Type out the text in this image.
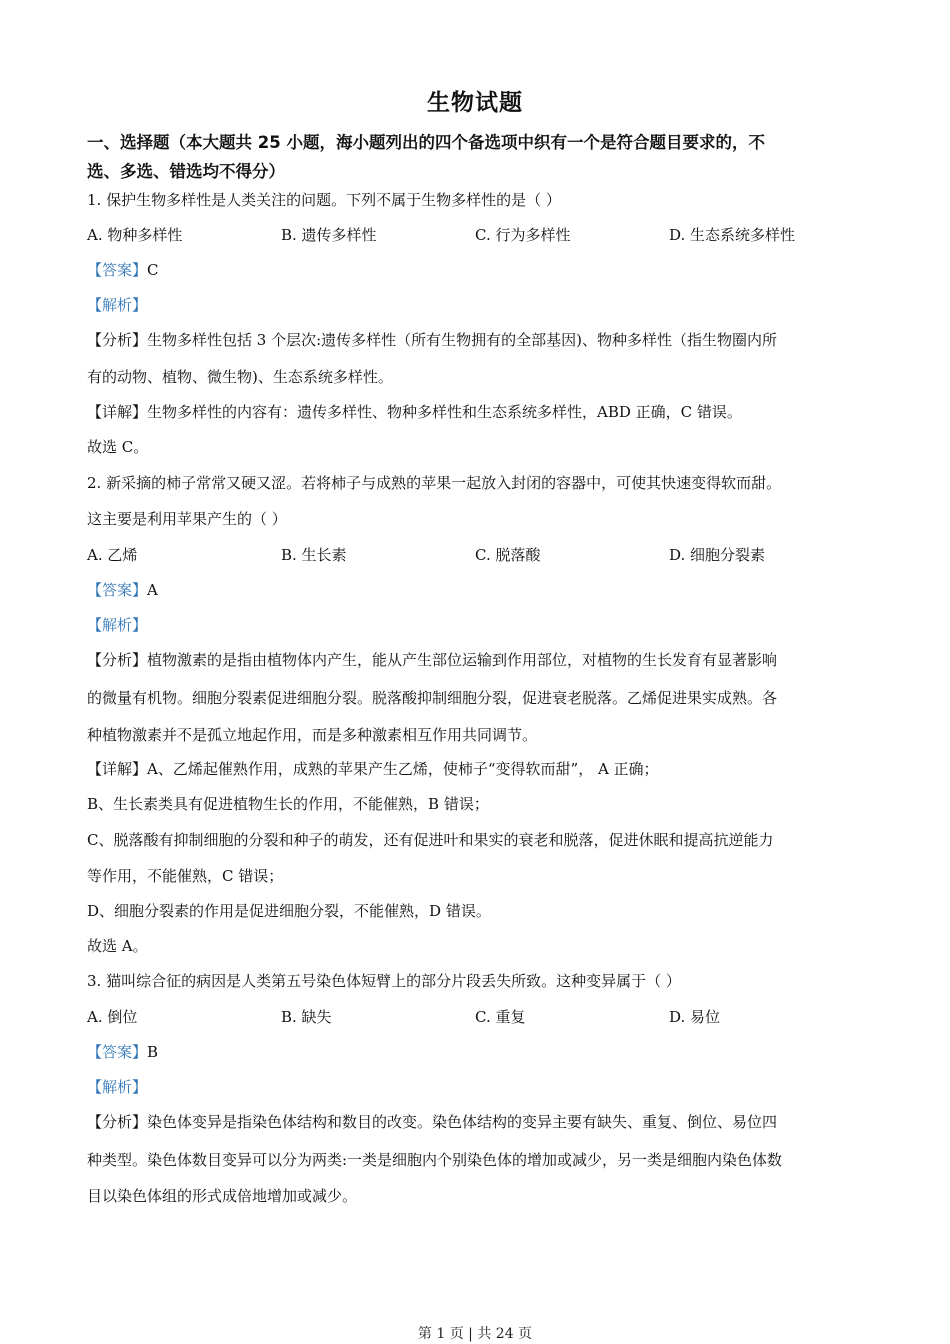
生物试题
一、选择题（本大题共 25 小题，海小题列出的四个备选项中织有一个是符合题目要求的，不
选、多选、错选均不得分）
1. 保护生物多样性是人类关注的问题。下列不属于生物多样性的是（ ）
A. 物种多样性	B. 遗传多样性	C. 行为多样性	D. 生态系统多样性
【答案】C
【解析】
【分析】生物多样性包括 3 个层次:遗传多样性（所有生物拥有的全部基因)、物种多样性（指生物圈内所
有的动物、植物、微生物)、生态系统多样性。
【详解】生物多样性的内容有：遗传多样性、物种多样性和生态系统多样性，ABD 正确，C 错误。
故选 C。
2. 新采摘的柿子常常又硬又涩。若将柿子与成熟的苹果一起放入封闭的容器中，可使其快速变得软而甜。
这主要是利用苹果产生的（ ）
A. 乙烯	B. 生长素	C. 脱落酸	D. 细胞分裂素
【答案】A
【解析】
【分析】植物激素的是指由植物体内产生，能从产生部位运输到作用部位，对植物的生长发育有显著影响
的微量有机物。细胞分裂素促进细胞分裂。脱落酸抑制细胞分裂，促进衰老脱落。乙烯促进果实成熟。各
种植物激素并不是孤立地起作用，而是多种激素相互作用共同调节。
【详解】A、乙烯起催熟作用，成熟的苹果产生乙烯，使柿子“变得软而甜”， A 正确；
B、生长素类具有促进植物生长的作用，不能催熟，B 错误；
C、脱落酸有抑制细胞的分裂和种子的萌发，还有促进叶和果实的衰老和脱落，促进休眠和提高抗逆能力
等作用，不能催熟，C 错误；
D、细胞分裂素的作用是促进细胞分裂，不能催熟，D 错误。
故选 A。
3. 猫叫综合征的病因是人类第五号染色体短臂上的部分片段丢失所致。这种变异属于（ ）
A. 倒位	B. 缺失	C. 重复	D. 易位
【答案】B
【解析】
【分析】染色体变异是指染色体结构和数目的改变。染色体结构的变异主要有缺失、重复、倒位、易位四
种类型。染色体数目变异可以分为两类:一类是细胞内个别染色体的增加或减少，另一类是细胞内染色体数
目以染色体组的形式成倍地增加或减少。
第 1 页 | 共 24 页
